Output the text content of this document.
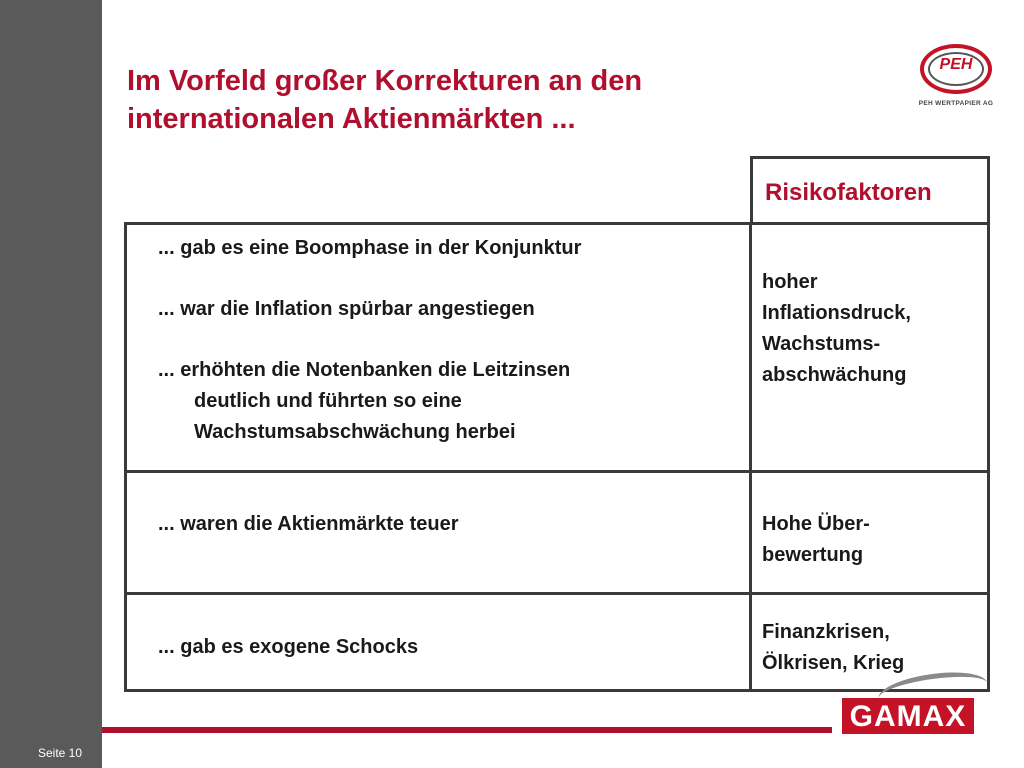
Seite 10
Im Vorfeld großer Korrekturen an den
internationalen Aktienmärkten ...
PEH
PEH WERTPAPIER AG
Risikofaktoren
... gab es eine Boomphase in der Konjunktur
... war die Inflation spürbar angestiegen
... erhöhten die Notenbanken die Leitzinsen
deutlich und führten so eine
Wachstumsabschwächung herbei
hoher
Inflationsdruck,
Wachstums-
abschwächung
... waren die Aktienmärkte teuer	Hohe Über-
bewertung
... gab es exogene Schocks
Finanzkrisen,
Ölkrisen, Krieg
GAMAX
